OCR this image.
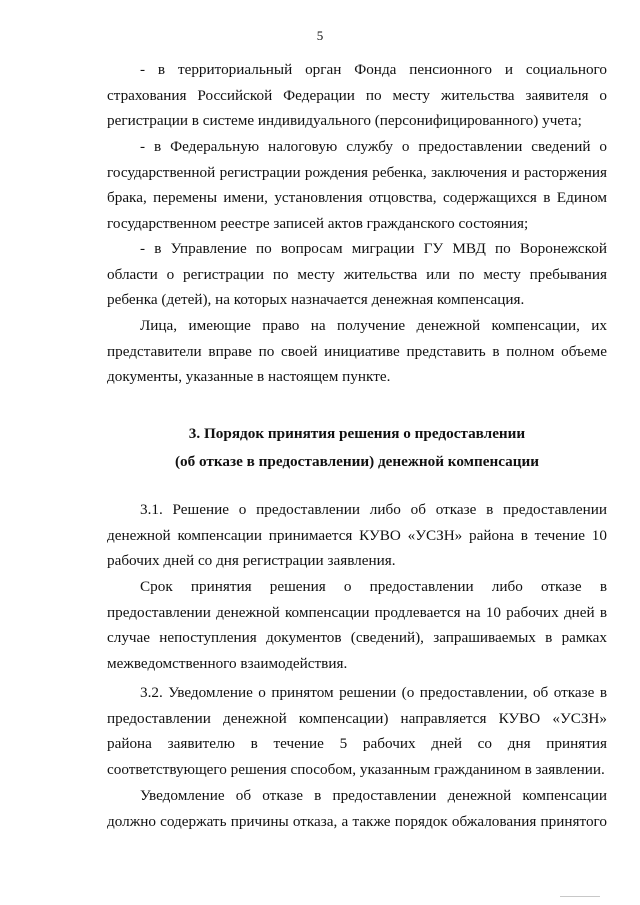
5

- в территориальный орган Фонда пенсионного и социального страхования Российской Федерации по месту жительства заявителя о регистрации в системе индивидуального (персонифицированного) учета;

- в Федеральную налоговую службу о предоставлении сведений о государственной регистрации рождения ребенка, заключения и расторжения брака, перемены имени, установления отцовства, содержащихся в Едином государственном реестре записей актов гражданского состояния;

- в Управление по вопросам миграции ГУ МВД по Воронежской области о регистрации по месту жительства или по месту пребывания ребенка (детей), на которых назначается денежная компенсация.

Лица, имеющие право на получение денежной компенсации, их представители вправе по своей инициативе представить в полном объеме документы, указанные в настоящем пункте.

3. Порядок принятия решения о предоставлении
(об отказе в предоставлении) денежной компенсации

3.1. Решение о предоставлении либо об отказе в предоставлении денежной компенсации принимается КУВО «УСЗН» района в течение 10 рабочих дней со дня регистрации заявления.

Срок принятия решения о предоставлении либо отказе в предоставлении денежной компенсации продлевается на 10 рабочих дней в случае непоступления документов (сведений), запрашиваемых в рамках межведомственного взаимодействия.

3.2. Уведомление о принятом решении (о предоставлении, об отказе в предоставлении денежной компенсации) направляется КУВО «УСЗН» района заявителю в течение 5 рабочих дней со дня принятия соответствующего решения способом, указанным гражданином в заявлении.

Уведомление об отказе в предоставлении денежной компенсации должно содержать причины отказа, а также порядок обжалования принятого
